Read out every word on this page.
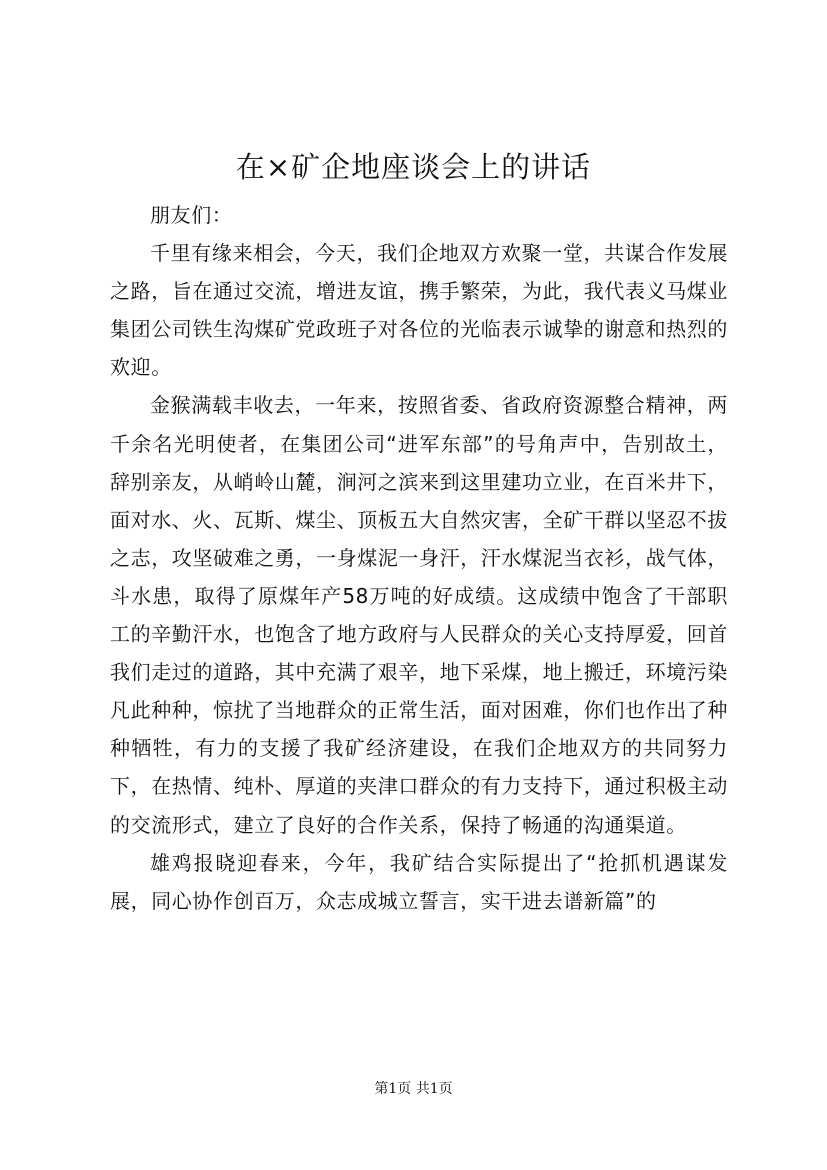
在×矿企地座谈会上的讲话

朋友们：

千里有缘来相会，今天，我们企地双方欢聚一堂，共谋合作发展之路，旨在通过交流，增进友谊，携手繁荣，为此，我代表义马煤业集团公司铁生沟煤矿党政班子对各位的光临表示诚挚的谢意和热烈的欢迎。

金猴满载丰收去，一年来，按照省委、省政府资源整合精神，两千余名光明使者，在集团公司“进军东部”的号角声中，告别故土，辞别亲友，从峭岭山麓，涧河之滨来到这里建功立业，在百米井下，面对水、火、瓦斯、煤尘、顶板五大自然灾害，全矿干群以坚忍不拔之志，攻坚破难之勇，一身煤泥一身汗，汗水煤泥当衣衫，战气体，斗水患，取得了原煤年产58万吨的好成绩。这成绩中饱含了干部职工的辛勤汗水，也饱含了地方政府与人民群众的关心支持厚爱，回首我们走过的道路，其中充满了艰辛，地下采煤，地上搬迁，环境污染凡此种种，惊扰了当地群众的正常生活，面对困难，你们也作出了种种牺牲，有力的支援了我矿经济建设，在我们企地双方的共同努力下，在热情、纯朴、厚道的夹津口群众的有力支持下，通过积极主动的交流形式，建立了良好的合作关系，保持了畅通的沟通渠道。

雄鸡报晓迎春来，今年，我矿结合实际提出了“抢抓机遇谋发展，同心协作创百万，众志成城立誓言，实干进去谱新篇”的

第1页 共1页
